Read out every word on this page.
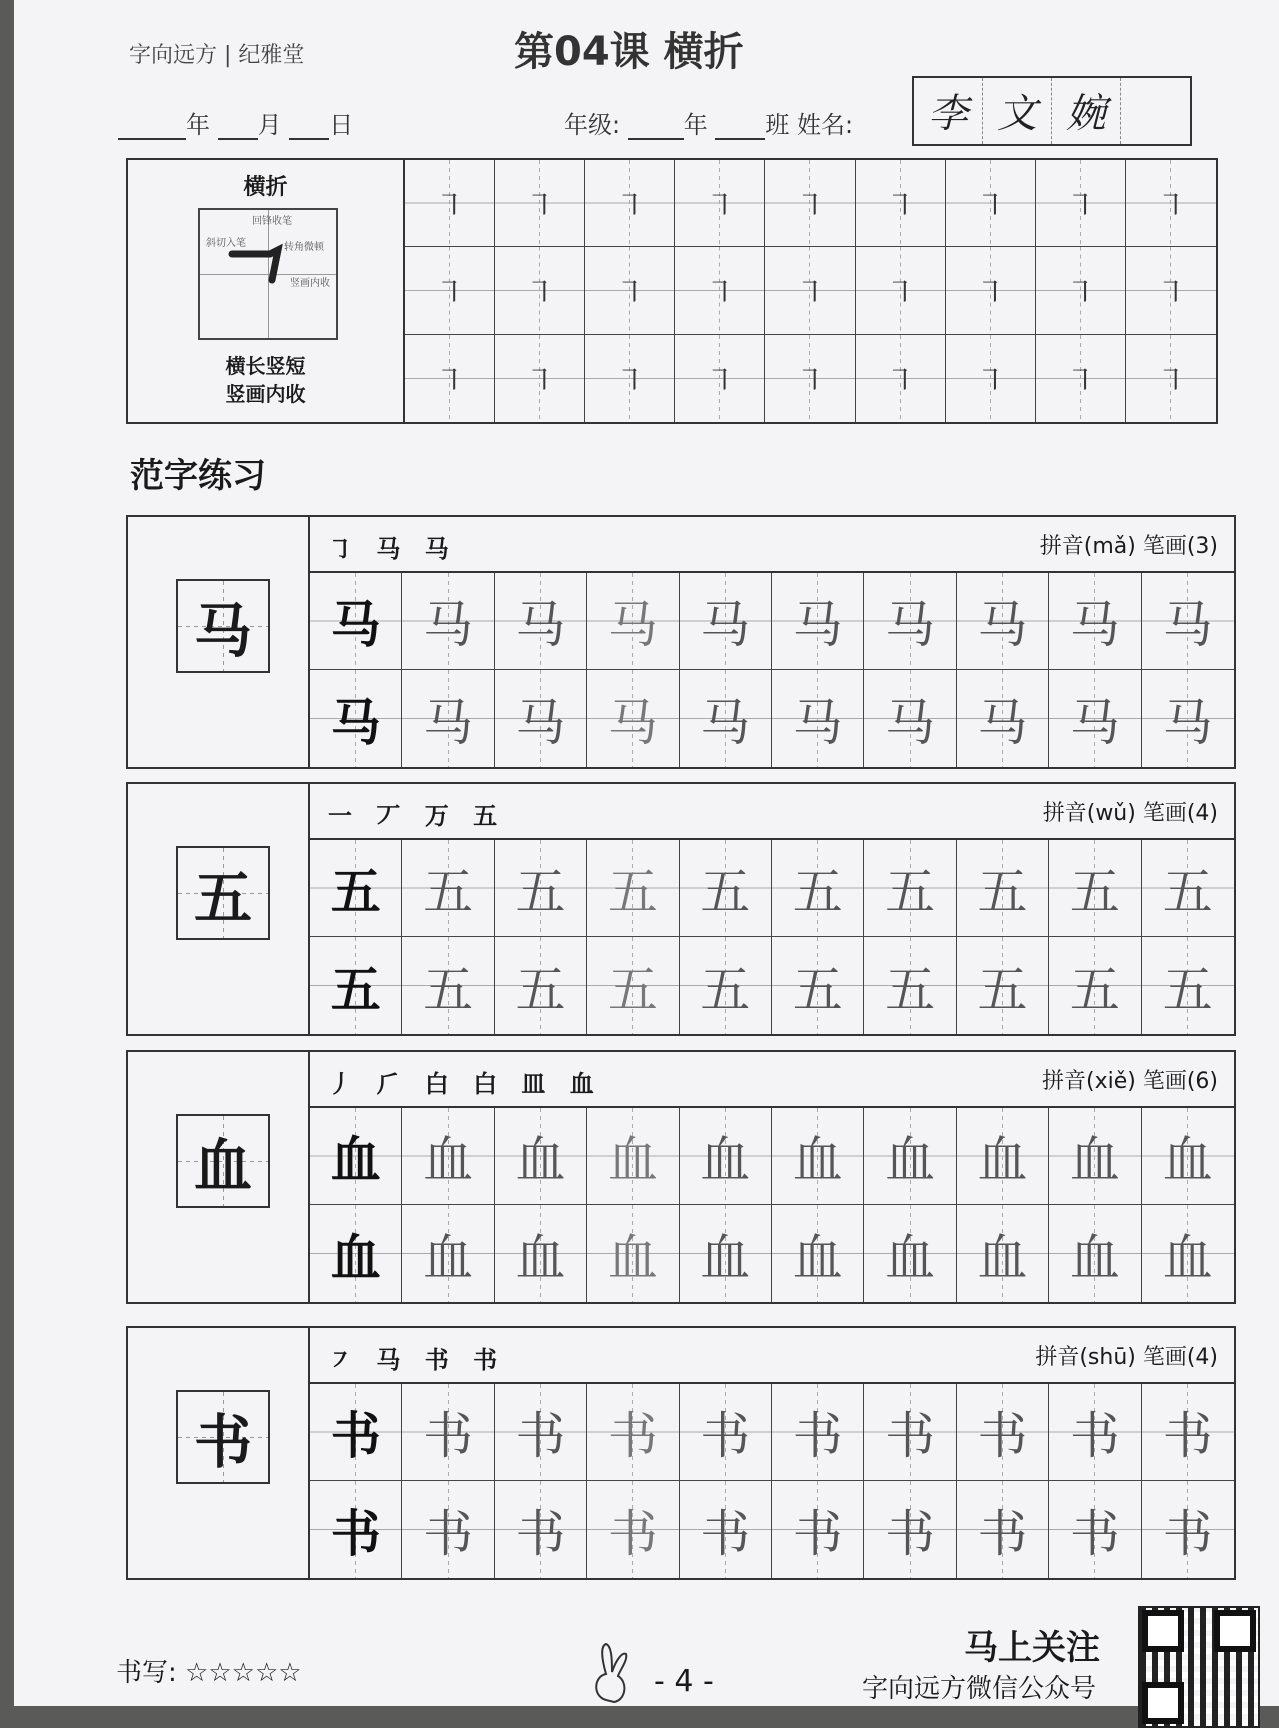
字向远方 | 纪雅堂	第04课 横折
年 月 日	年级:	年 班 姓名:	李 文 婉
横折
回锋收笔
斜切入笔	转角微顿
竖画内收
横长竖短
竖画内收
㇕ ㇕ ㇕ ㇕ ㇕ ㇕ ㇕ ㇕ ㇕
㇕ ㇕ ㇕ ㇕ ㇕ ㇕ ㇕ ㇕ ㇕
㇕ ㇕ ㇕ ㇕ ㇕ ㇕ ㇕ ㇕ ㇕
范字练习
马
㇆ 马 马	拼音(mǎ) 笔画(3)
马 马 马 马 马 马 马 马 马 马
马 马 马 马 马 马 马 马 马 马
五
一 丆 万 五	拼音(wǔ) 笔画(4)
五 五 五 五 五 五 五 五 五 五
五 五 五 五 五 五 五 五 五 五
血
丿 ⺁ 白 白 皿 血	拼音(xiě) 笔画(6)
血 血 血 血 血 血 血 血 血 血
血 血 血 血 血 血 血 血 血 血
书
㇇ 马 书 书	拼音(shū) 笔画(4)
书 书 书 书 书 书 书 书 书 书
书 书 书 书 书 书 书 书 书 书
书写: ☆☆☆☆☆	- 4 -
马上关注
字向远方微信公众号
